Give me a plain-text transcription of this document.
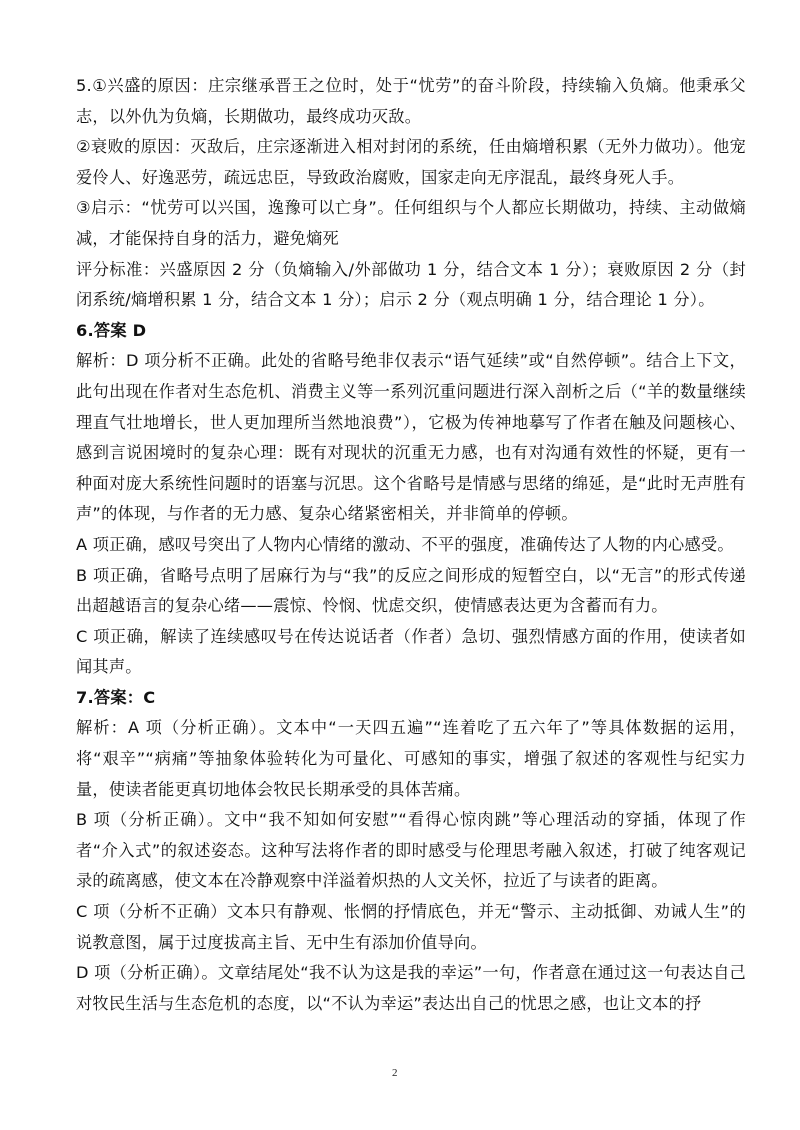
5.①兴盛的原因：庄宗继承晋王之位时，处于“忧劳”的奋斗阶段，持续输入负熵。他秉承父志，以外仇为负熵，长期做功，最终成功灭敌。

②衰败的原因：灭敌后，庄宗逐渐进入相对封闭的系统，任由熵增积累（无外力做功）。他宠爱伶人、好逸恶劳，疏远忠臣，导致政治腐败，国家走向无序混乱，最终身死人手。

③启示：“忧劳可以兴国，逸豫可以亡身”。任何组织与个人都应长期做功，持续、主动做熵减，才能保持自身的活力，避免熵死

评分标准：兴盛原因 2 分（负熵输入/外部做功 1 分，结合文本 1 分）；衰败原因 2 分（封闭系统/熵增积累 1 分，结合文本 1 分）；启示 2 分（观点明确 1 分，结合理论 1 分）。

6.答案 D

解析：D 项分析不正确。此处的省略号绝非仅表示“语气延续”或“自然停顿”。结合上下文，此句出现在作者对生态危机、消费主义等一系列沉重问题进行深入剖析之后（“羊的数量继续理直气壮地增长，世人更加理所当然地浪费”），它极为传神地摹写了作者在触及问题核心、感到言说困境时的复杂心理：既有对现状的沉重无力感，也有对沟通有效性的怀疑，更有一种面对庞大系统性问题时的语塞与沉思。这个省略号是情感与思绪的绵延，是“此时无声胜有声”的体现，与作者的无力感、复杂心绪紧密相关，并非简单的停顿。

A 项正确，感叹号突出了人物内心情绪的激动、不平的强度，准确传达了人物的内心感受。

B 项正确，省略号点明了居麻行为与“我”的反应之间形成的短暂空白，以“无言”的形式传递出超越语言的复杂心绪——震惊、怜悯、忧虑交织，使情感表达更为含蓄而有力。

C 项正确，解读了连续感叹号在传达说话者（作者）急切、强烈情感方面的作用，使读者如闻其声。

7.答案：C

解析：A 项（分析正确）。文本中“一天四五遍”“连着吃了五六年了”等具体数据的运用，将“艰辛”“病痛”等抽象体验转化为可量化、可感知的事实，增强了叙述的客观性与纪实力量，使读者能更真切地体会牧民长期承受的具体苦痛。

B 项（分析正确）。文中“我不知如何安慰”“看得心惊肉跳”等心理活动的穿插，体现了作者“介入式”的叙述姿态。这种写法将作者的即时感受与伦理思考融入叙述，打破了纯客观记录的疏离感，使文本在冷静观察中洋溢着炽热的人文关怀，拉近了与读者的距离。

C 项（分析不正确）文本只有静观、怅惘的抒情底色，并无“警示、主动抵御、劝诫人生”的说教意图，属于过度拔高主旨、无中生有添加价值导向。

D 项（分析正确）。文章结尾处“我不认为这是我的幸运”一句，作者意在通过这一句表达自己对牧民生活与生态危机的态度，以“不认为幸运”表达出自己的忧思之感，也让文本的抒

2
